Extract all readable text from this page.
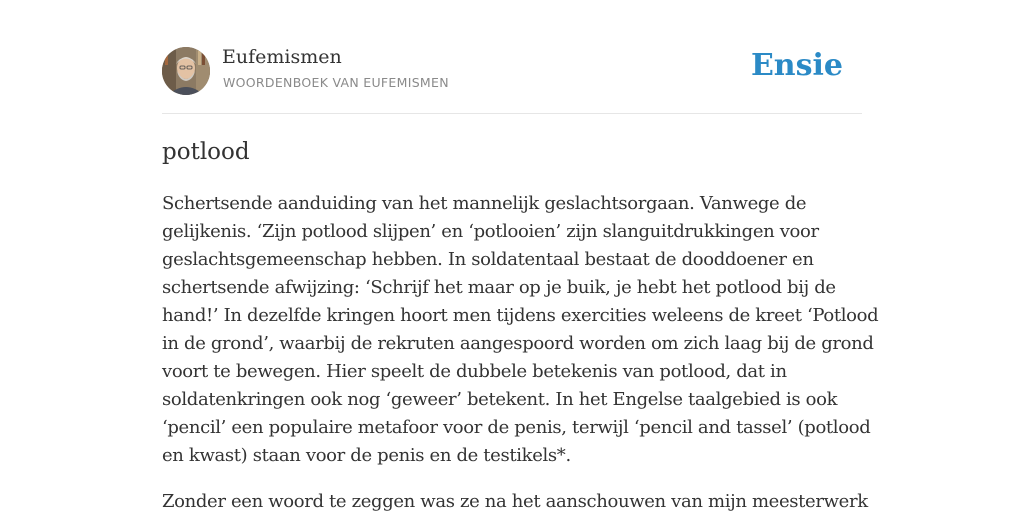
Eufemismen
WOORDENBOEK VAN EUFEMISMEN	Ensie
potlood

Schertsende aanduiding van het mannelijk geslachtsorgaan. Vanwege de
gelijkenis. ‘Zijn potlood slijpen’ en ‘potlooien’ zijn slanguitdrukkingen voor
geslachtsgemeenschap hebben. In soldatentaal bestaat de dooddoener en
schertsende afwijzing: ‘Schrijf het maar op je buik, je hebt het potlood bij de
hand!’ In dezelfde kringen hoort men tijdens exercities weleens de kreet ‘Potlood
in de grond’, waarbij de rekruten aangespoord worden om zich laag bij de grond
voort te bewegen. Hier speelt de dubbele betekenis van potlood, dat in
soldatenkringen ook nog ‘geweer’ betekent. In het Engelse taalgebied is ook
‘pencil’ een populaire metafoor voor de penis, terwijl ‘pencil and tassel’ (potlood
en kwast) staan voor de penis en de testikels*.

Zonder een woord te zeggen was ze na het aanschouwen van mijn meesterwerk
